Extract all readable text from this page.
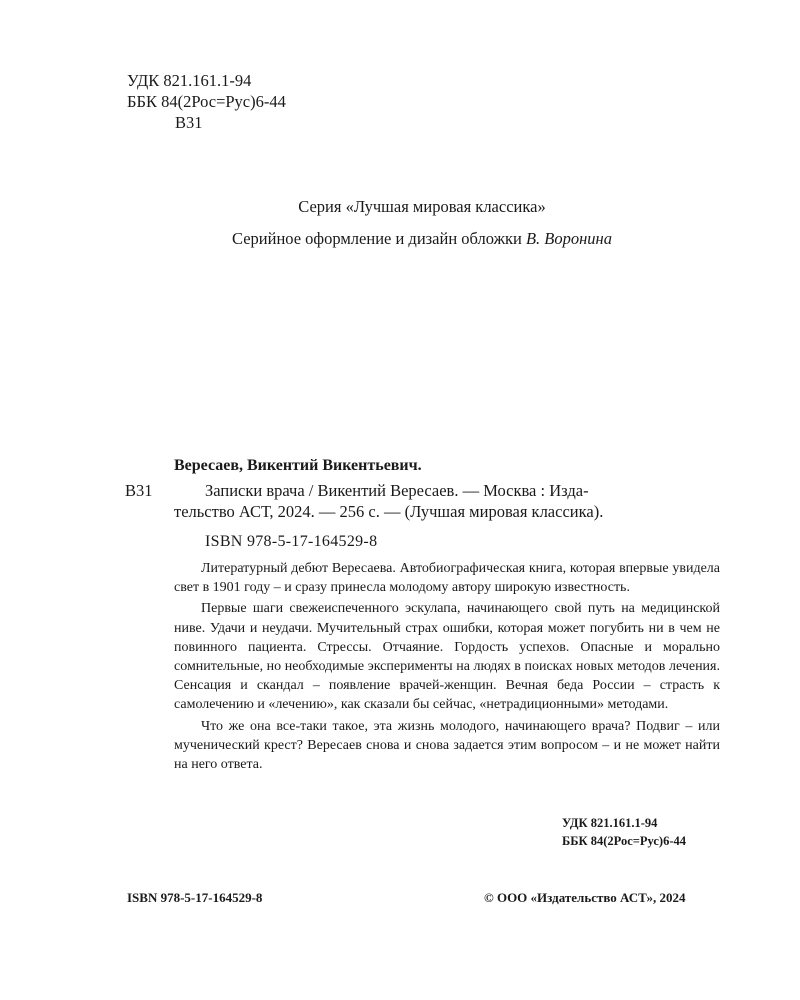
УДК 821.161.1-94
ББК 84(2Рос=Рус)6-44
В31
Серия «Лучшая мировая классика»
Серийное оформление и дизайн обложки В. Воронина
Вересаев, Викентий Викентьевич.
В31	Записки врача / Викентий Вересаев. — Москва : Изда-
тельство АСТ, 2024. — 256 с. — (Лучшая мировая классика).
ISBN 978-5-17-164529-8

Литературный дебют Вересаева. Автобиографическая книга, которая впервые увидела свет в 1901 году – и сразу принесла молодому автору широкую известность.

Первые шаги свежеиспеченного эскулапа, начинающего свой путь на медицинской ниве. Удачи и неудачи. Мучительный страх ошибки, которая может погубить ни в чем не повинного пациента. Стрессы. Отчаяние. Гордость успехов. Опасные и морально сомнительные, но необходимые эксперименты на людях в поисках новых методов лечения. Сенсация и скандал – появление врачей-женщин. Вечная беда России – страсть к самолечению и «лечению», как сказали бы сейчас, «нетрадиционными» методами.

Что же она все-таки такое, эта жизнь молодого, начинающего врача? Подвиг – или мученический крест? Вересаев снова и снова задается этим вопросом – и не может найти на него ответа.

УДК 821.161.1-94
ББК 84(2Рос=Рус)6-44
ISBN 978-5-17-164529-8	© ООО «Издательство АСТ», 2024
